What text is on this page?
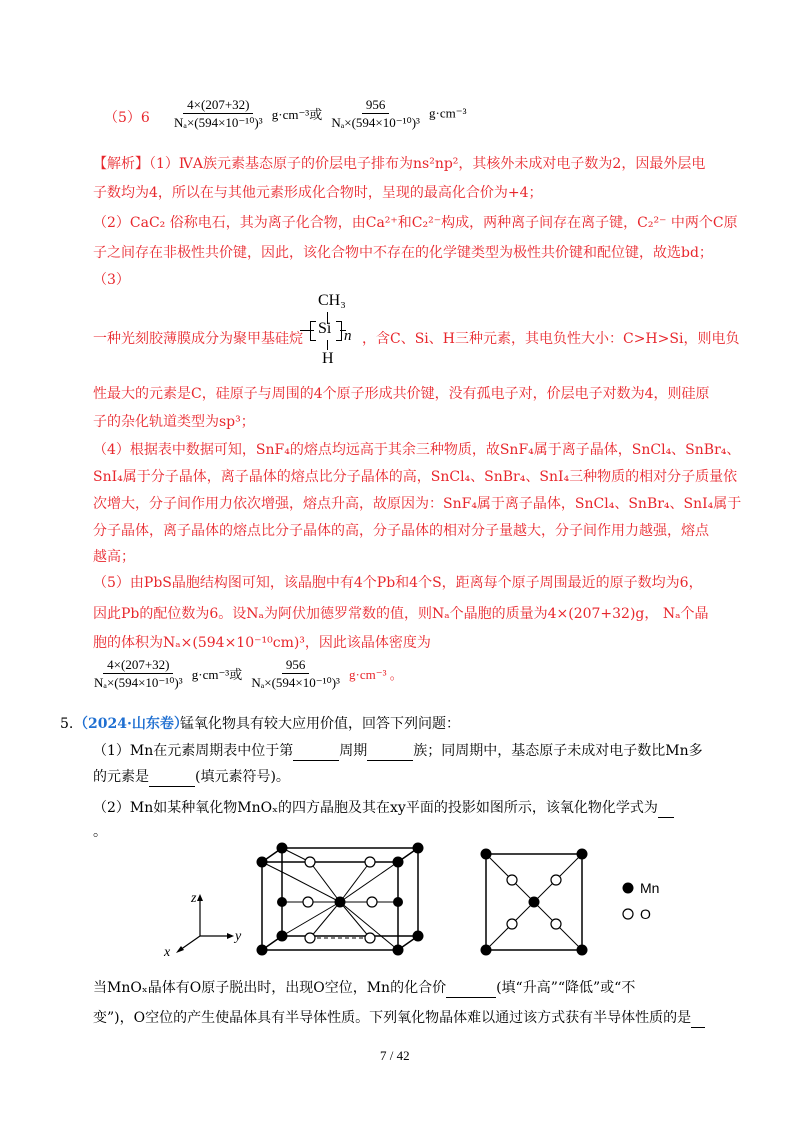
$(5)6 \frac{4\times(207+32)}{\text{Nₐ×(594×10⁻¹⁰)³}} g\cdot cm^{-3}$或 $\frac{956}{\text{Nₐ×(594×10⁻¹⁰)³}} g\cdot cm^{-3}$
【解析】（1）ⅣA族元素基态原子的价层电子排布为ns²np²，其核外未成对电子数为2，因最外层电
子数均为4，所以在与其他元素形成化合物时，呈现的最高化合价为+4；
（2）CaC₂ 俗称电石，其为离子化合物，由Ca²⁺和C₂²⁻构成，两种离子间存在离子键，C₂²⁻ 中两个C原
子之间存在非极性共价键，因此，该化合物中不存在的化学键类型为极性共价键和配位键，故选bd；
（3）
一种光刻胶薄膜成分为聚甲基硅烷
CH₃
Si n
H
，含C、Si、H三种元素，其电负性大小：C>H>Si，则电负
性最大的元素是C，硅原子与周围的4个原子形成共价键，没有孤电子对，价层电子对数为4，则硅原
子的杂化轨道类型为sp³；
（4）根据表中数据可知，SnF₄的熔点均远高于其余三种物质，故SnF₄属于离子晶体，SnCl₄、SnBr₄、
SnI₄属于分子晶体，离子晶体的熔点比分子晶体的高，SnCl₄、SnBr₄、SnI₄三种物质的相对分子质量依
次增大，分子间作用力依次增强，熔点升高，故原因为：SnF₄属于离子晶体，SnCl₄、SnBr₄、SnI₄属于
分子晶体，离子晶体的熔点比分子晶体的高，分子晶体的相对分子量越大，分子间作用力越强，熔点
越高；
（5）由PbS晶胞结构图可知，该晶胞中有4个Pb和4个S，距离每个原子周围最近的原子数均为6，
因此Pb的配位数为6。设Nₐ为阿伏加德罗常数的值，则Nₐ个晶胞的质量为4×(207+32)g， Nₐ个晶
胞的体积为Nₐ×(594×10⁻¹⁰cm)³，因此该晶体密度为
$\frac{4\times(207+32)}{\text{Nₐ×(594×10⁻¹⁰)³}} g\cdot cm^{-3}$或 $\frac{956}{\text{Nₐ×(594×10⁻¹⁰)³}} g\cdot cm^{-3}$ 。
5. （2024·山东卷）
锰氧化物具有较大应用价值，回答下列问题：
（1）Mn在元素周期表中位于第	周期	族；同周期中，基态原子未成对电子数比Mn多
的元素是	(填元素符号)。
（2）Mn如某种氧化物MnOₓ的四方晶胞及其在xy平面的投影如图所示，该氧化物化学式为
。
z
y
x
Mn
O
当MnOₓ晶体有O原子脱出时，出现O空位，Mn的化合价	(填“升高”“降低”或“不
变”)，O空位的产生使晶体具有半导体性质。下列氧化物晶体难以通过该方式获有半导体性质的是
7 / 42
